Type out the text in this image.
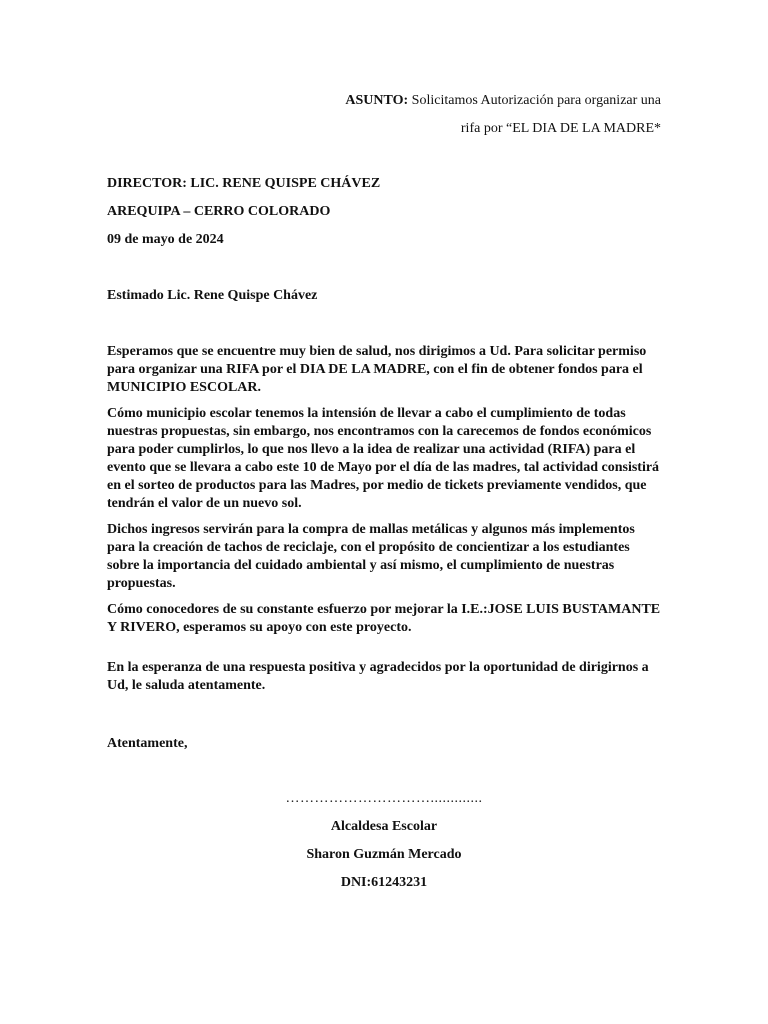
ASUNTO: Solicitamos Autorización para organizar una
rifa por “EL DIA DE LA MADRE*
DIRECTOR: LIC. RENE QUISPE CHÁVEZ
AREQUIPA – CERRO COLORADO
09 de mayo de 2024
Estimado Lic. Rene Quispe Chávez

Esperamos que se encuentre muy bien de salud, nos dirigimos a Ud. Para solicitar permiso para organizar una RIFA por el DIA DE LA MADRE, con el fin de obtener fondos para el MUNICIPIO ESCOLAR.

Cómo municipio escolar tenemos la intensión de llevar a cabo el cumplimiento de todas nuestras propuestas, sin embargo, nos encontramos con la carecemos de fondos económicos para poder cumplirlos, lo que nos llevo a la idea de realizar una actividad (RIFA) para el evento que se llevara a cabo este 10 de Mayo por el día de las madres, tal actividad consistirá en el sorteo de productos para las Madres, por medio de tickets previamente vendidos, que tendrán el valor de un nuevo sol.

Dichos ingresos servirán para la compra de mallas metálicas y algunos más implementos para la creación de tachos de reciclaje, con el propósito de concientizar a los estudiantes sobre la importancia del cuidado ambiental y así mismo, el cumplimiento de nuestras propuestas.

Cómo conocedores de su constante esfuerzo por mejorar la I.E.:JOSE LUIS BUSTAMANTE Y RIVERO, esperamos su apoyo con este proyecto.

En la esperanza de una respuesta positiva y agradecidos por la oportunidad de dirigirnos a Ud, le saluda atentamente.

Atentamente,
………………………….............
Alcaldesa Escolar
Sharon Guzmán Mercado
DNI:61243231
